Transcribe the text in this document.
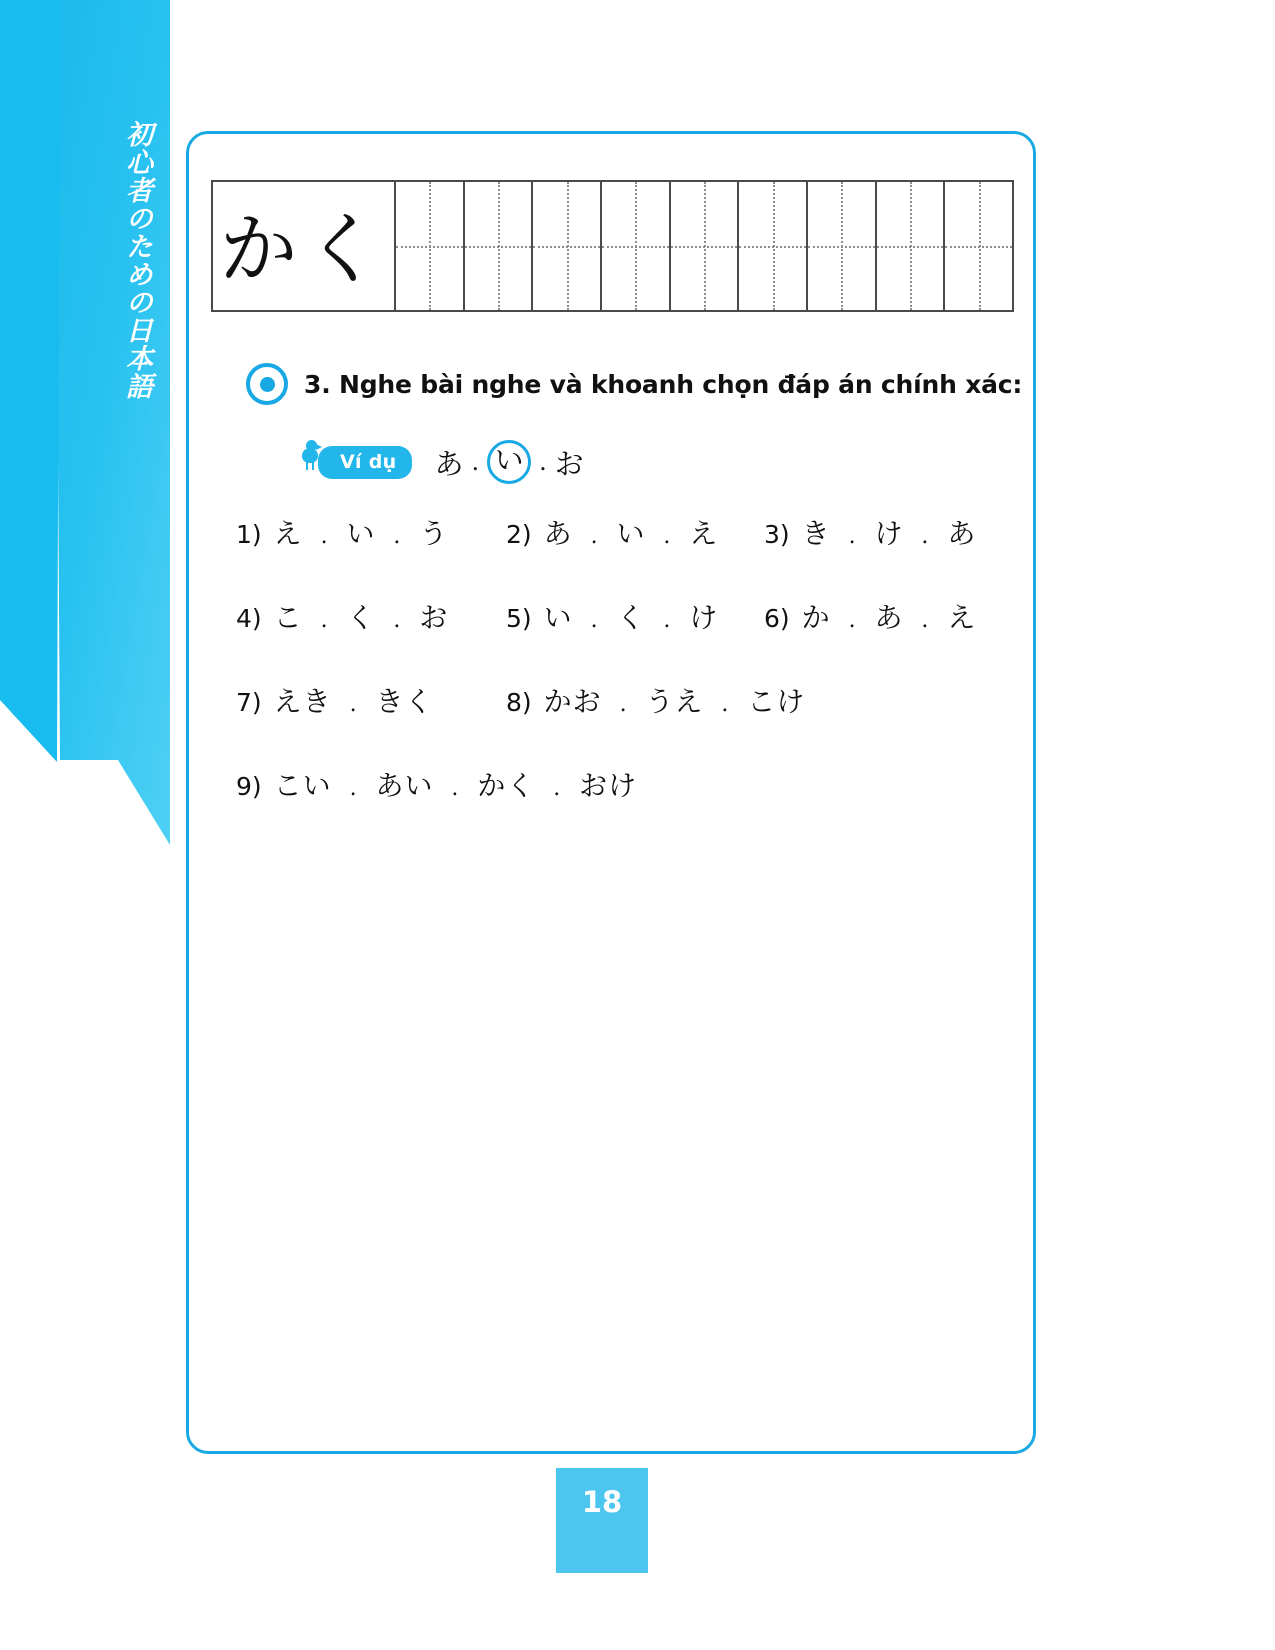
初心者のための日本語 かく
3. Nghe bài nghe và khoanh chọn đáp án chính xác:
Ví dụ	あ . い . お
1) え . い . う 2) あ . い . え 3) き . け . あ
4) こ . く . お 5) い . く . け 6) か . あ . え
7) えき . きく	8) かお . うえ . こけ
9) こい . あい . かく . おけ
18
